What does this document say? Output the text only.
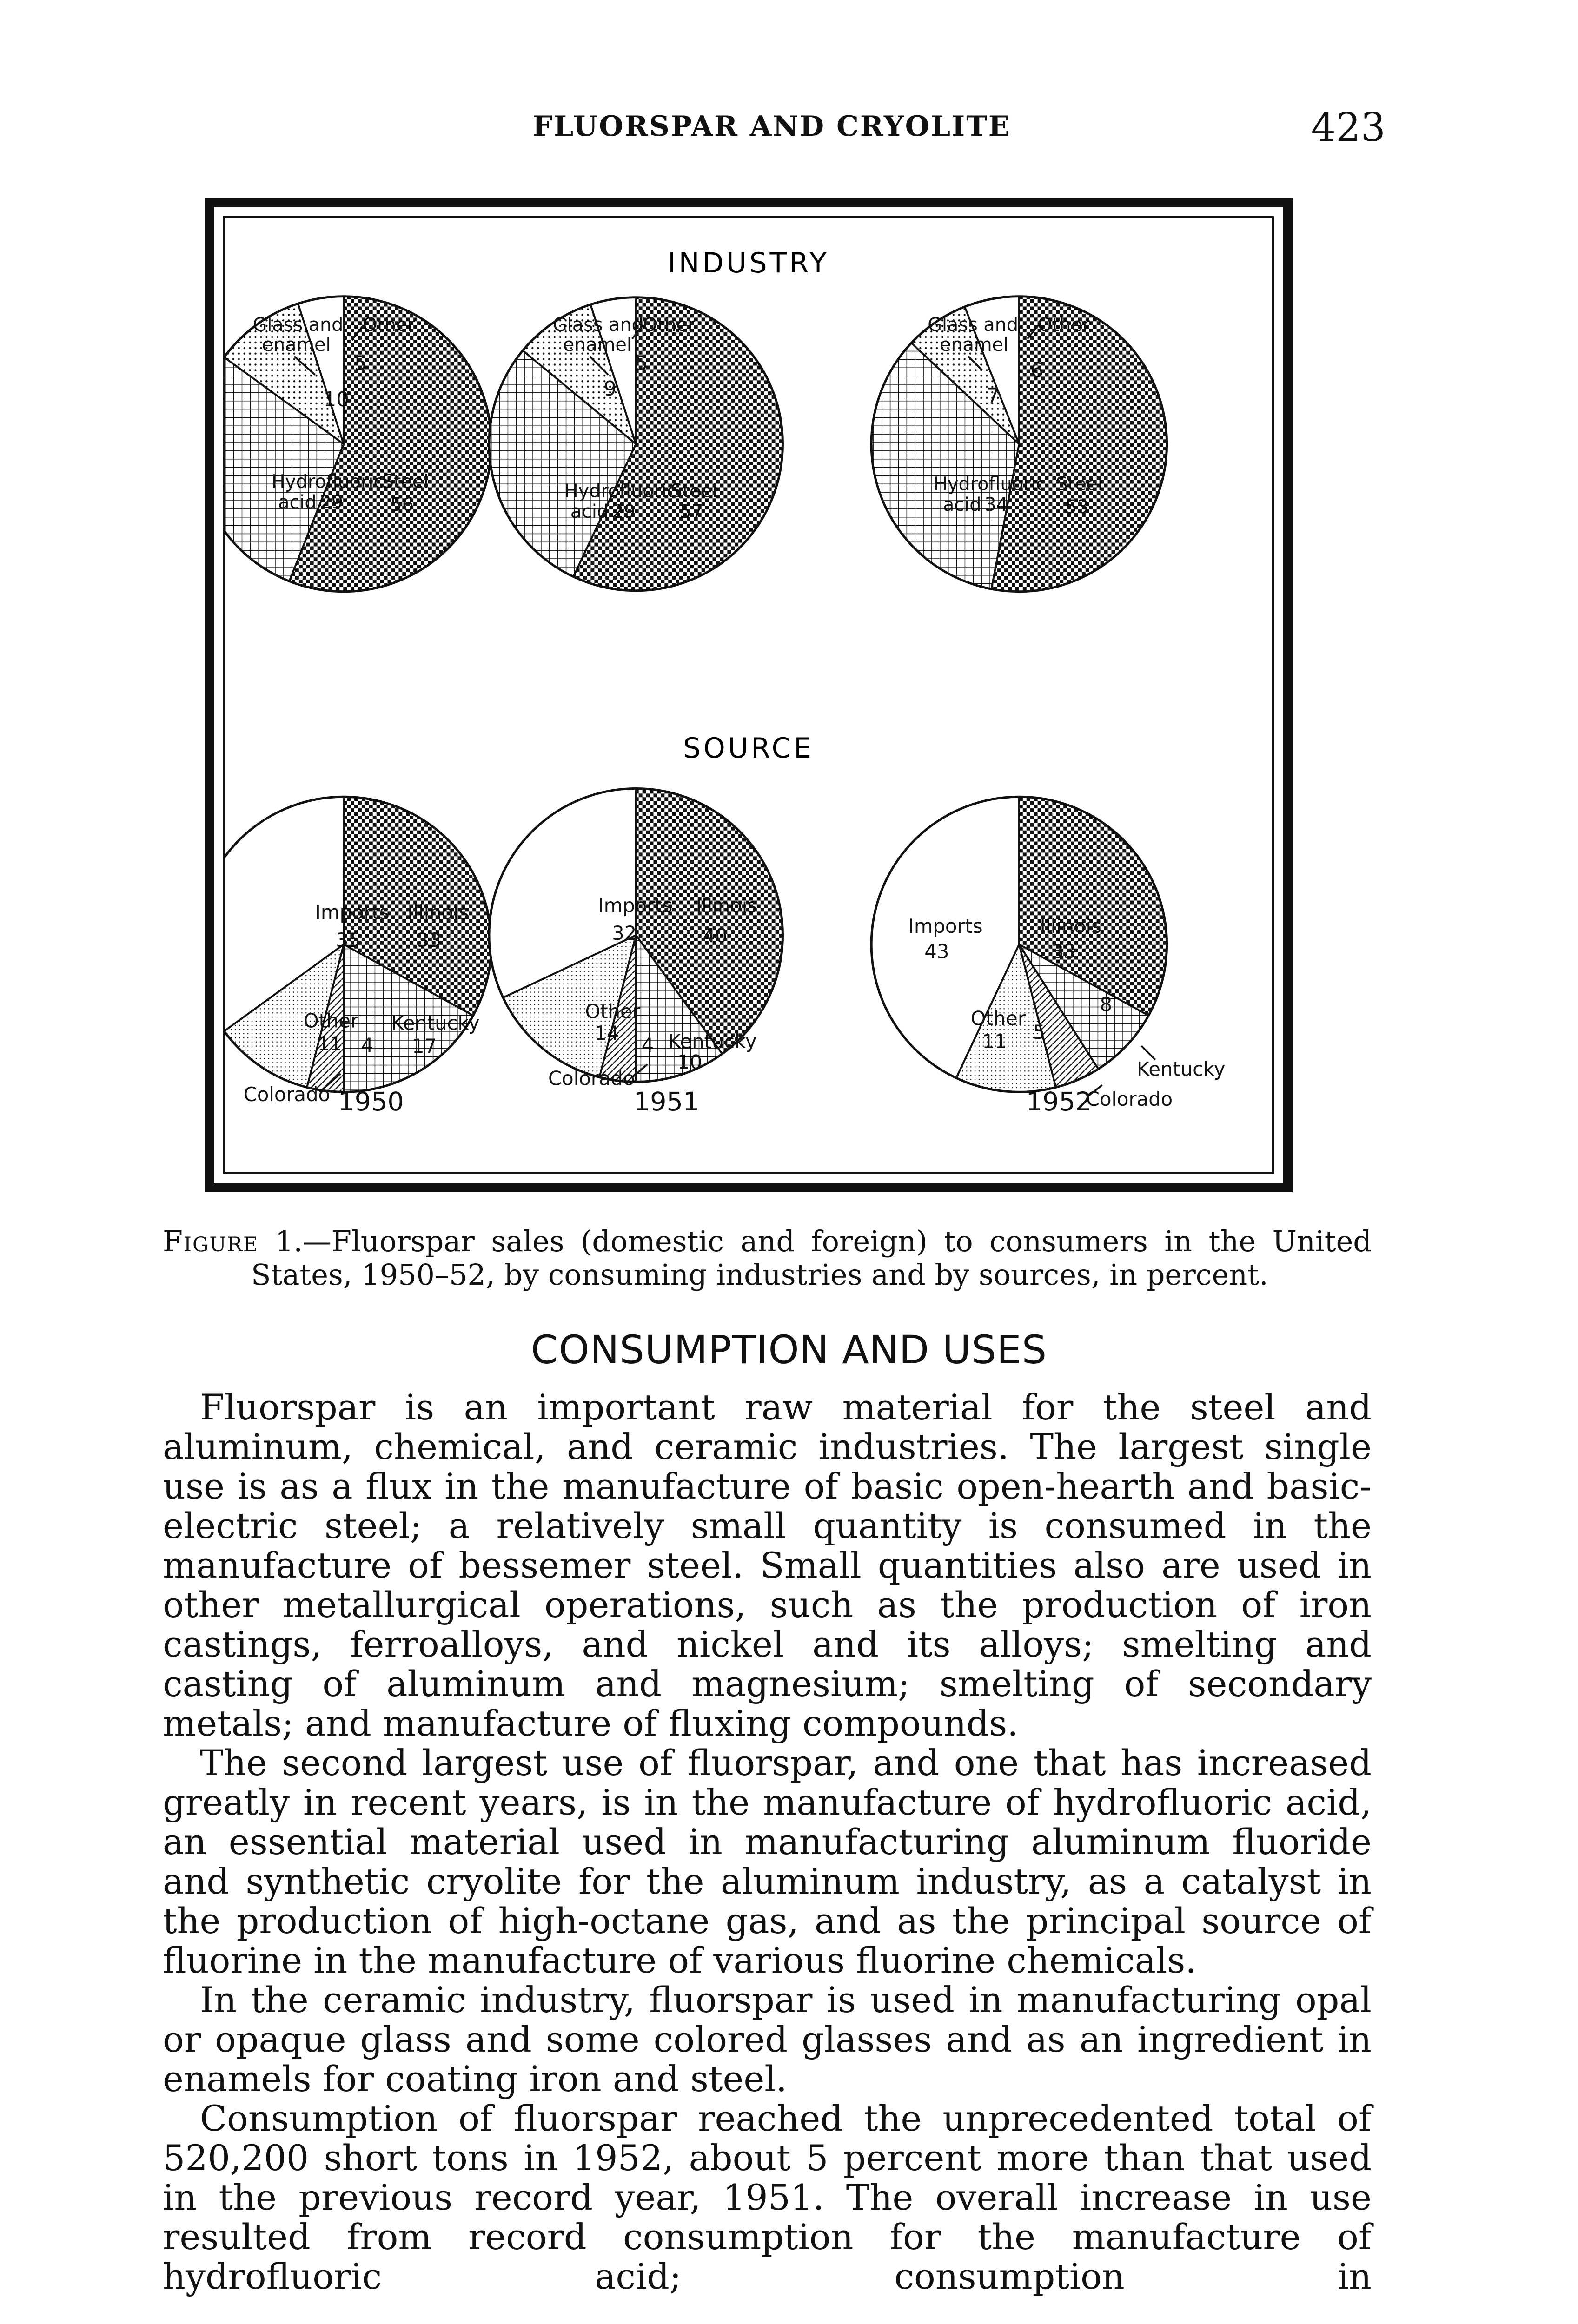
FLUORSPAR AND CRYOLITE	423
INDUSTRY
SOURCE
Glass and
enamel
Other
5
10
Hydrofluoric
acid 29
Steel
56
Glass and
enamel
Other
5
9
Hydrofluoric
acid 29
Steel
57
Glass and
enamel
Other
6
7
Hydrofluoric
acid 34
Steel
53
Imports
35
Illinois
33
Other
11 4
Kentucky
17
Colorado 1950
Imports
32
Illinois
40
Other
14
4 Kentucky
10
Colorado
1951
Imports
43
Illinois
33
Other
11 5
8
Kentucky
1952
Colorado
Figure 1.—Fluorspar sales (domestic and foreign) to consumers in the United
States, 1950–52, by consuming industries and by sources, in percent.
CONSUMPTION AND USES

Fluorspar is an important raw material for the steel and aluminum, chemical, and ceramic industries. The largest single use is as a flux in the manufacture of basic open-hearth and basic-electric steel; a relatively small quantity is consumed in the manufacture of bessemer steel. Small quantities also are used in other metallurgical operations, such as the production of iron castings, ferroalloys, and nickel and its alloys; smelting and casting of aluminum and magnesium; smelting of secondary metals; and manufacture of fluxing compounds.

The second largest use of fluorspar, and one that has increased greatly in recent years, is in the manufacture of hydrofluoric acid, an essential material used in manufacturing aluminum fluoride and synthetic cryolite for the aluminum industry, as a catalyst in the production of high-octane gas, and as the principal source of fluorine in the manufacture of various fluorine chemicals.

In the ceramic industry, fluorspar is used in manufacturing opal or opaque glass and some colored glasses and as an ingredient in enamels for coating iron and steel.

Consumption of fluorspar reached the unprecedented total of 520,200 short tons in 1952, about 5 percent more than that used in the previous record year, 1951. The overall increase in use resulted from record consumption for the manufacture of hydrofluoric acid; consumption in
